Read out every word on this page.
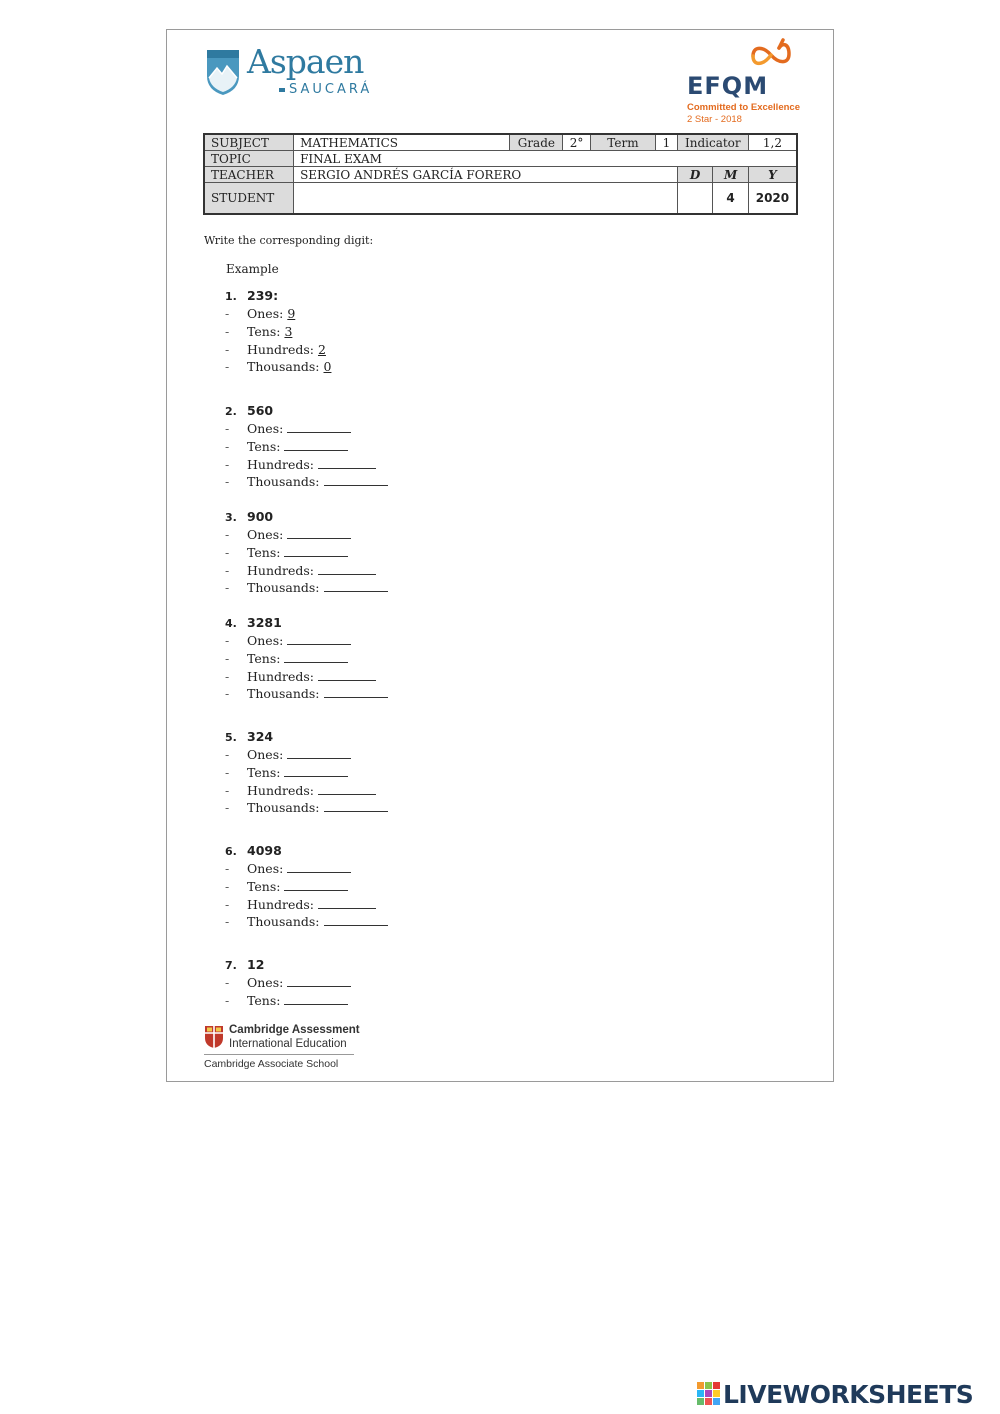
Aspaen
SAUCARÁ	EFQM
Committed to Excellence
2 Star - 2018
SUBJECT	MATHEMATICS	Grade	2°	Term	1	Indicator		1,2
TOPIC	FINAL EXAM							
TEACHER	SERGIO ANDRÉS GARCÍA FORERO					D	M	Y
STUDENT							4	2020
Write the corresponding digit:
Example
1. 239:
- Ones: 9
- Tens: 3
- Hundreds: 2
- Thousands: 0
2. 560
- Ones:
- Tens:
- Hundreds:
- Thousands:
3. 900
- Ones:
- Tens:
- Hundreds:
- Thousands:
4. 3281
- Ones:
- Tens:
- Hundreds:
- Thousands:
5. 324
- Ones:
- Tens:
- Hundreds:
- Thousands:
6. 4098
- Ones:
- Tens:
- Hundreds:
- Thousands:
7. 12
- Ones:
- Tens:
Cambridge Assessment
International Education
Cambridge Associate School
LIVEWORKSHEETS
